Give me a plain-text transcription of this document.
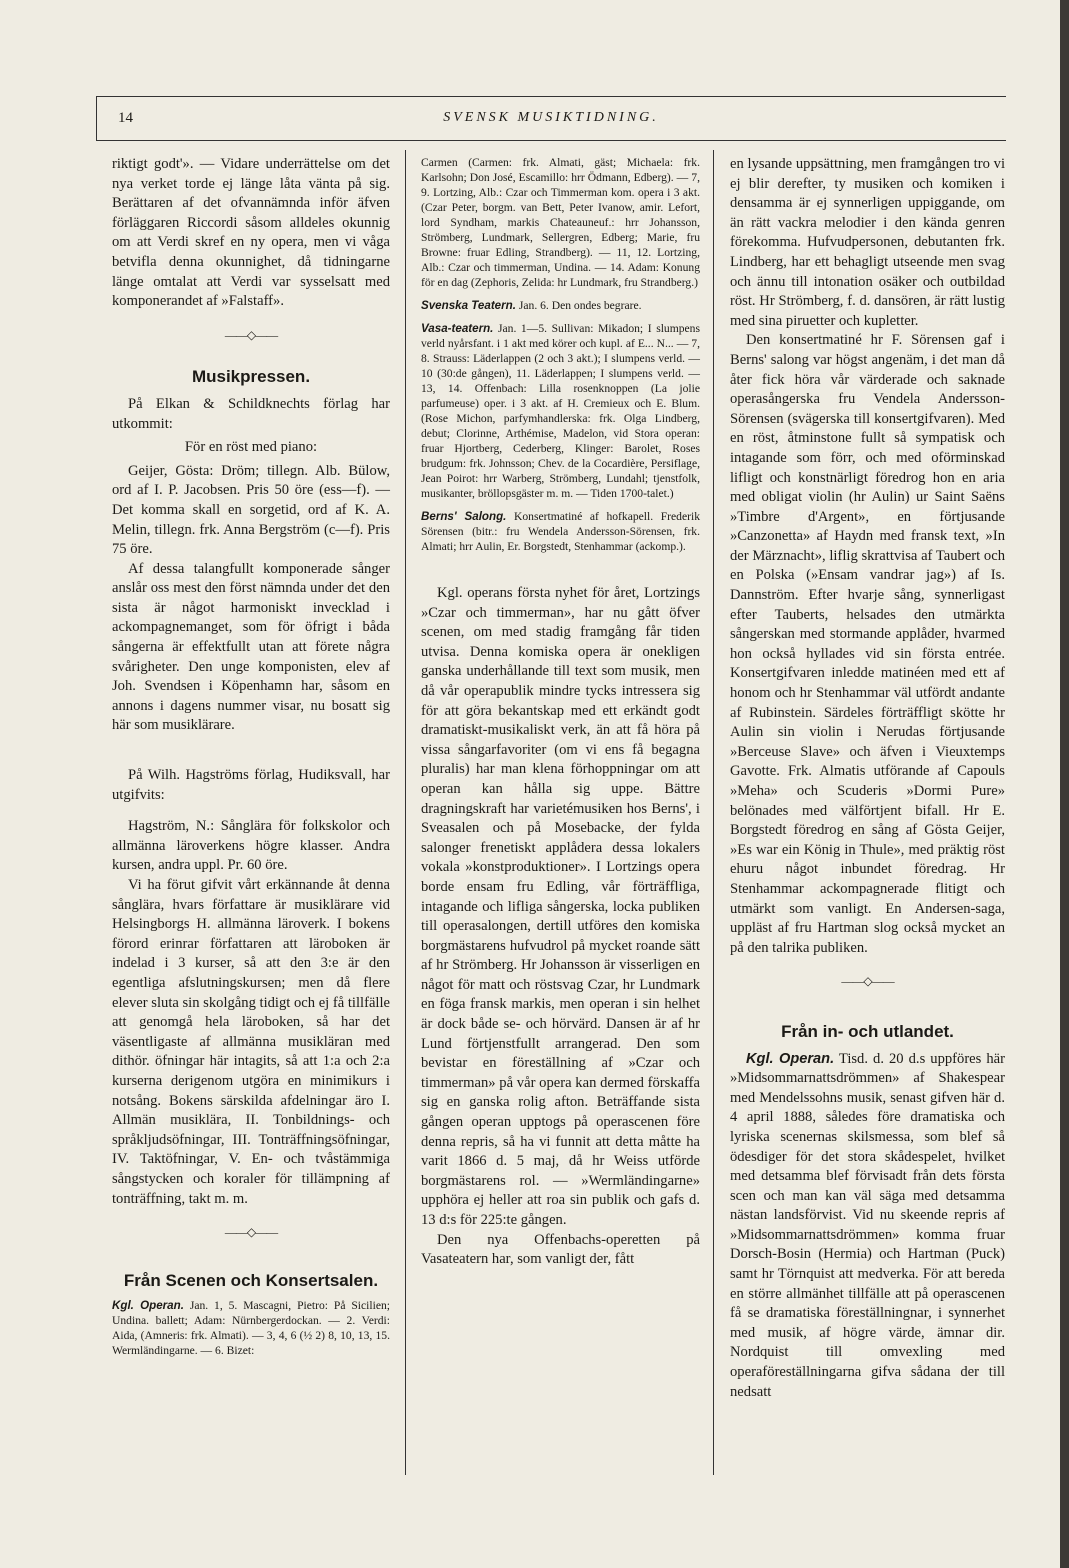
14	SVENSK MUSIKTIDNING.

riktigt godt'». — Vidare underrättelse om det nya verket torde ej länge låta vänta på sig. Berättaren af det ofvannämnda inför äfven förläggaren Riccordi såsom alldeles okunnig om att Verdi skref en ny opera, men vi våga betvifla denna okunnighet, då tidningarne länge omtalat att Verdi var sysselsatt med komponerandet af »Falstaff».

——◇——
Musikpressen.

På Elkan & Schildknechts förlag har utkommit:

För en röst med piano:

Geijer, Gösta: Dröm; tillegn. Alb. Bülow, ord af I. P. Jacobsen. Pris 50 öre (ess—f). — Det komma skall en sorgetid, ord af K. A. Melin, tillegn. frk. Anna Bergström (c—f). Pris 75 öre.

Af dessa talangfullt komponerade sånger anslår oss mest den först nämnda under det den sista är något harmoniskt invecklad i ackompagnemanget, som för öfrigt i båda sångerna är effektfullt utan att förete några svårigheter. Den unge komponisten, elev af Joh. Svendsen i Köpenhamn har, såsom en annons i dagens nummer visar, nu bosatt sig här som musiklärare.

På Wilh. Hagströms förlag, Hudiksvall, har utgifvits:

Hagström, N.: Sånglära för folkskolor och allmänna läroverkens högre klasser. Andra kursen, andra uppl. Pr. 60 öre.

Vi ha förut gifvit vårt erkännande åt denna sånglära, hvars författare är musiklärare vid Helsingborgs H. allmänna läroverk. I bokens förord erinrar författaren att läroboken är indelad i 3 kurser, så att den 3:e är den egentliga afslutningskursen; men då flere elever sluta sin skolgång tidigt och ej få tillfälle att genomgå hela läroboken, så har det väsentligaste af allmänna musikläran med dithör. öfningar här intagits, så att 1:a och 2:a kurserna derigenom utgöra en minimikurs i notsång. Bokens särskilda afdelningar äro I. Allmän musiklära, II. Tonbildnings- och språkljudsöfningar, III. Tonträffningsöfningar, IV. Taktöfningar, V. En- och tvåstämmiga sångstycken och koraler för tillämpning af tonträffning, takt m. m.

——◇——
Från Scenen och Konsertsalen.

Kgl. Operan. Jan. 1, 5. Mascagni, Pietro: På Sicilien; Undina. ballett; Adam: Nürnbergerdockan. — 2. Verdi: Aida, (Amneris: frk. Almati). — 3, 4, 6 (½ 2) 8, 10, 13, 15. Wermländingarne. — 6. Bizet:

Carmen (Carmen: frk. Almati, gäst; Michaela: frk. Karlsohn; Don José, Escamillo: hrr Ödmann, Edberg). — 7, 9. Lortzing, Alb.: Czar och Timmerman kom. opera i 3 akt. (Czar Peter, borgm. van Bett, Peter Ivanow, amir. Lefort, lord Syndham, markis Chateauneuf.: hrr Johansson, Strömberg, Lundmark, Sellergren, Edberg; Marie, fru Browne: fruar Edling, Strandberg). — 11, 12. Lortzing, Alb.: Czar och timmerman, Undina. — 14. Adam: Konung för en dag (Zephoris, Zelida: hr Lundmark, fru Strandberg.)

Svenska Teatern. Jan. 6. Den ondes begrare.

Vasa-teatern. Jan. 1—5. Sullivan: Mikadon; I slumpens verld nyårsfant. i 1 akt med körer och kupl. af E... N... — 7, 8. Strauss: Läderlappen (2 och 3 akt.); I slumpens verld. — 10 (30:de gången), 11. Läderlappen; I slumpens verld. — 13, 14. Offenbach: Lilla rosenknoppen (La jolie parfumeuse) oper. i 3 akt. af H. Cremieux och E. Blum. (Rose Michon, parfymhandlerska: frk. Olga Lindberg, debut; Clorinne, Arthémise, Madelon, vid Stora operan: fruar Hjortberg, Cederberg, Klinger: Barolet, Roses brudgum: frk. Johnsson; Chev. de la Cocardière, Persiflage, Jean Poirot: hrr Warberg, Strömberg, Lundahl; tjenstfolk, musikanter, bröllopsgäster m. m. — Tiden 1700-talet.)

Berns' Salong. Konsertmatiné af hofkapell. Frederik Sörensen (bitr.: fru Wendela Andersson-Sörensen, frk. Almati; hrr Aulin, Er. Borgstedt, Stenhammar (ackomp.).

Kgl. operans första nyhet för året, Lortzings »Czar och timmerman», har nu gått öfver scenen, om med stadig framgång får tiden utvisa. Denna komiska opera är onekligen ganska underhållande till text som musik, men då vår operapublik mindre tycks intressera sig för att göra bekantskap med ett erkändt godt dramatiskt-musikaliskt verk, än att få höra på vissa sångarfavoriter (om vi ens få begagna pluralis) har man klena förhoppningar om att operan kan hålla sig uppe. Bättre dragningskraft har varietémusiken hos Berns', i Sveasalen och på Mosebacke, der fylda salonger frenetiskt applådera dessa lokalers vokala »konstproduktioner». I Lortzings opera borde ensam fru Edling, vår förträffliga, intagande och lifliga sångerska, locka publiken till operasalongen, dertill utföres den komiska borgmästarens hufvudrol på mycket roande sätt af hr Strömberg. Hr Johansson är visserligen en något för matt och röstsvag Czar, hr Lundmark en föga fransk markis, men operan i sin helhet är dock både se- och hörvärd. Dansen är af hr Lund förtjenstfullt arrangerad. Den som bevistar en föreställning af »Czar och timmerman» på vår opera kan dermed förskaffa sig en ganska rolig afton. Beträffande sista gången operan upptogs på operascenen före denna repris, så ha vi funnit att detta måtte ha varit 1866 d. 5 maj, då hr Weiss utförde borgmästarens rol. — »Wermländingarne» upphöra ej heller att roa sin publik och gafs d. 13 d:s för 225:te gången.

Den nya Offenbachs-operetten på Vasateatern har, som vanligt der, fått

en lysande uppsättning, men framgången tro vi ej blir derefter, ty musiken och komiken i densamma är ej synnerligen uppiggande, om än rätt vackra melodier i den kända genren förekomma. Hufvudpersonen, debutanten frk. Lindberg, har ett behagligt utseende men svag och ännu till intonation osäker och outbildad röst. Hr Strömberg, f. d. dansören, är rätt lustig med sina piruetter och kupletter.

Den konsertmatiné hr F. Sörensen gaf i Berns' salong var högst angenäm, i det man då åter fick höra vår värderade och saknade operasångerska fru Vendela Andersson-Sörensen (svägerska till konsertgifvaren). Med en röst, åtminstone fullt så sympatisk och intagande som förr, och med oförminskad lifligt och konstnärligt föredrog hon en aria med obligat violin (hr Aulin) ur Saint Saëns »Timbre d'Argent», en förtjusande »Canzonetta» af Haydn med fransk text, »In der Märznacht», liflig skrattvisa af Taubert och en Polska (»Ensam vandrar jag») af Is. Dannström. Efter hvarje sång, synnerligast efter Tauberts, helsades den utmärkta sångerskan med stormande applåder, hvarmed hon också hyllades vid sin första entrée. Konsertgifvaren inledde matinéen med ett af honom och hr Stenhammar väl utfördt andante af Rubinstein. Särdeles förträffligt skötte hr Aulin sin violin i Nerudas förtjusande »Berceuse Slave» och äfven i Vieuxtemps Gavotte. Frk. Almatis utförande af Capouls »Meha» och Scuderis »Dormi Pure» belönades med välförtjent bifall. Hr E. Borgstedt föredrog en sång af Gösta Geijer, »Es war ein König in Thule», med präktig röst ehuru något inbundet föredrag. Hr Stenhammar ackompagnerade flitigt och utmärkt som vanligt. En Andersen-saga, uppläst af fru Hartman slog också mycket an på den talrika publiken.

——◇——
Från in- och utlandet.

Kgl. Operan. Tisd. d. 20 d.s uppföres här »Midsommarnattsdrömmen» af Shakespear med Mendelssohns musik, senast gifven här d. 4 april 1888, således före dramatiska och lyriska scenernas skilsmessa, som blef så ödesdiger för det stora skådespelet, hvilket med detsamma blef förvisadt från dets första scen och man kan väl säga med detsamma nästan landsförvist. Vid nu skeende repris af »Midsommarnattsdrömmen» komma fruar Dorsch-Bosin (Hermia) och Hartman (Puck) samt hr Törnquist att medverka. För att bereda en större allmänhet tillfälle att på operascenen få se dramatiska föreställningnar, i synnerhet med musik, af högre värde, ämnar dir. Nordquist till omvexling med operaföreställningarna gifva sådana der till nedsatt
